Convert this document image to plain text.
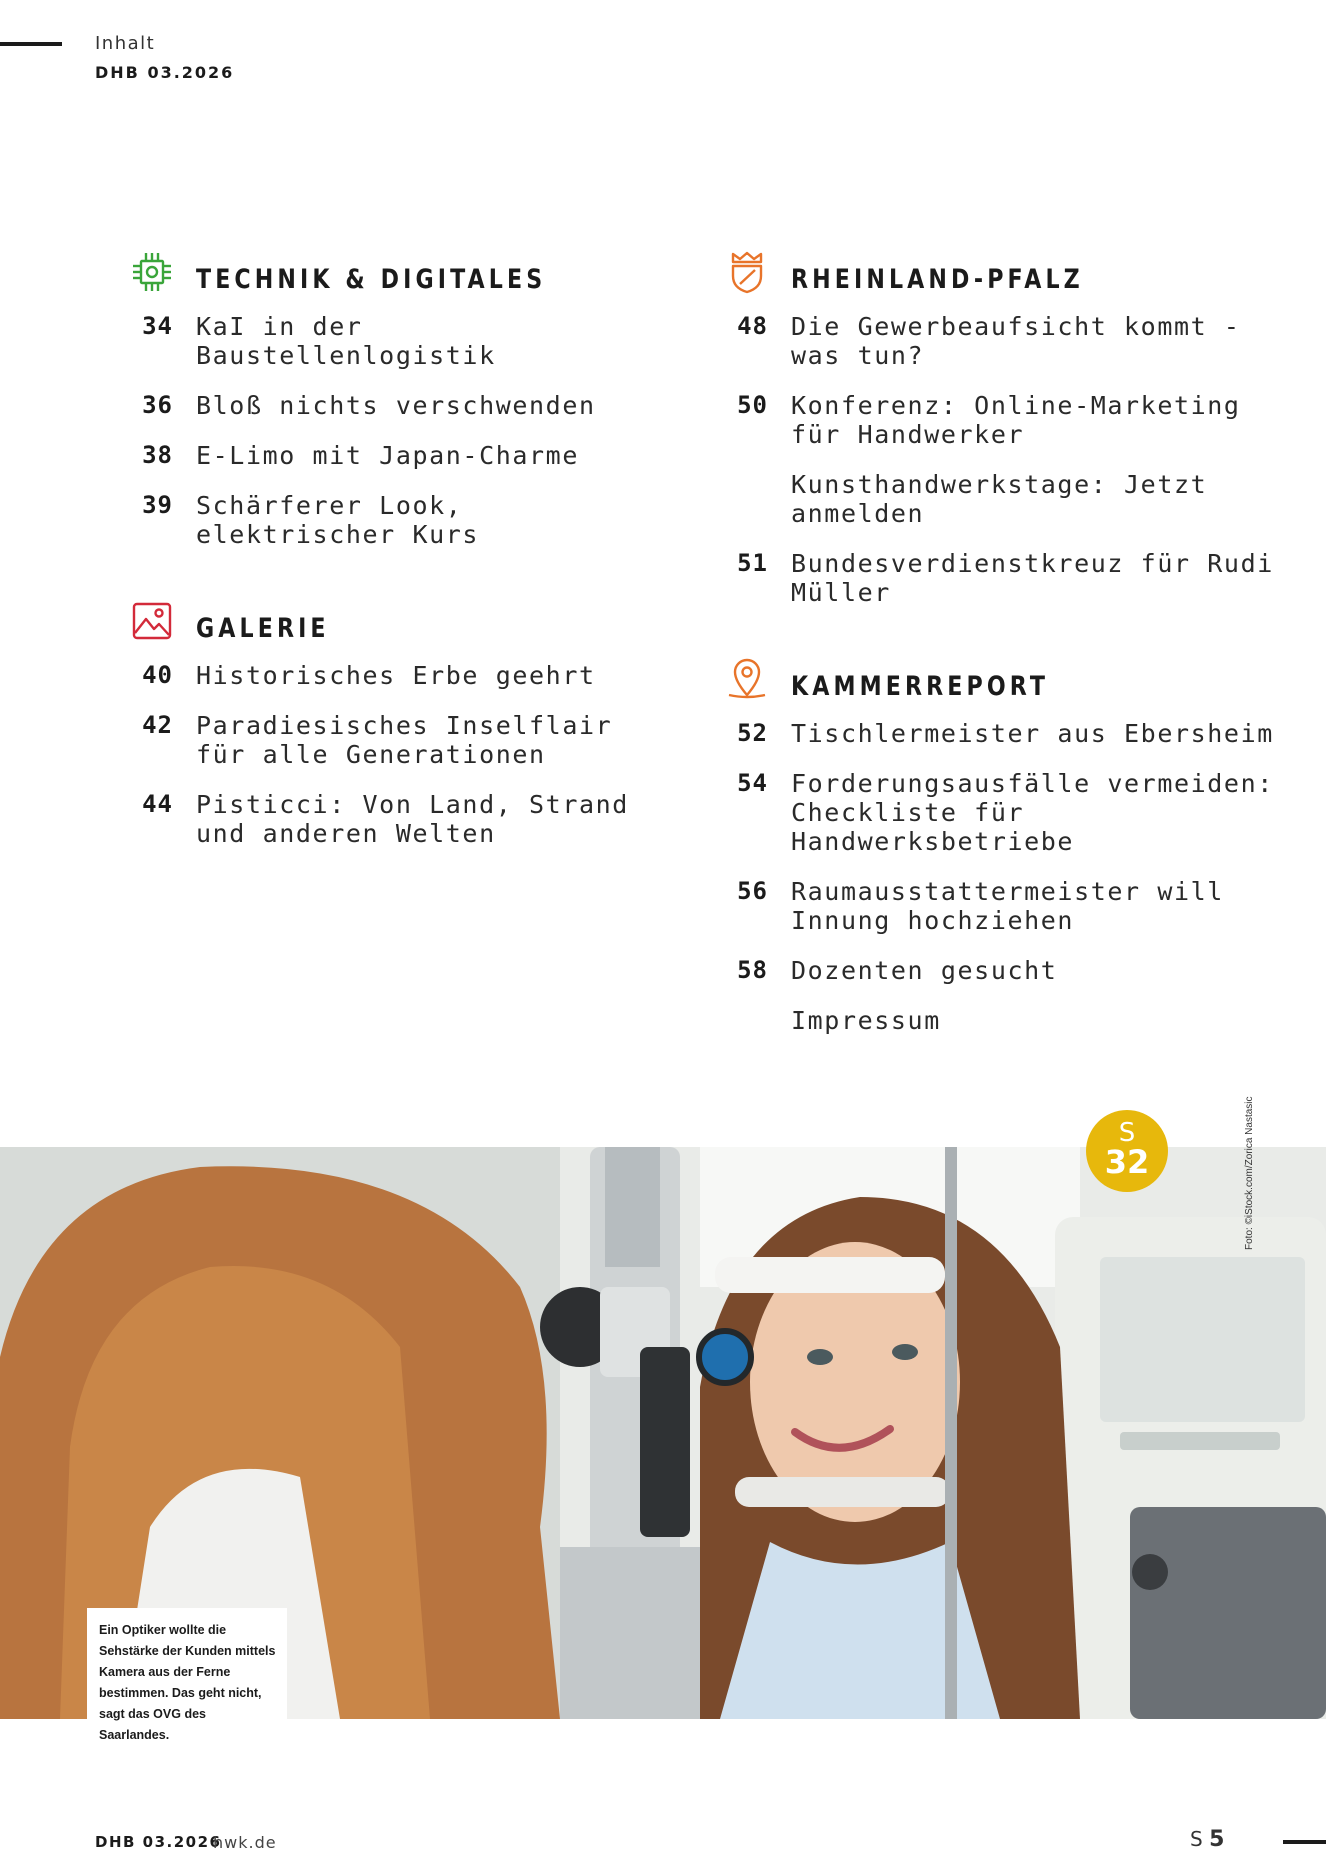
Inhalt
DHB 03.2026
TECHNIK & DIGITALES
34 KaI in der Baustellenlogistik
36 Bloß nichts verschwenden
38 E-Limo mit Japan-Charme
39 Schärferer Look, elektrischer Kurs
GALERIE
40 Historisches Erbe geehrt
42 Paradiesisches Inselflair für alle Generationen
44 Pisticci: Von Land, Strand und anderen Welten
RHEINLAND-PFALZ
48 Die Gewerbeaufsicht kommt - was tun?
50 Konferenz: Online-Marketing für Handwerker
Kunsthandwerkstage: Jetzt anmelden
51 Bundesverdienstkreuz für Rudi Müller
KAMMERREPORT
52 Tischlermeister aus Ebersheim
54 Forderungsausfälle vermeiden: Checkliste für Handwerksbetriebe
56 Raumausstattermeister will Innung hochziehen
58 Dozenten gesucht
Impressum
S
32	Foto: ©iStock.com/Zorica Nastasic
Ein Optiker wollte die Sehstärke der Kunden mittels Kamera aus der Ferne bestimmen. Das geht nicht, sagt das OVG des Saarlandes.
DHB 03.2026
hwk.de	S 5
